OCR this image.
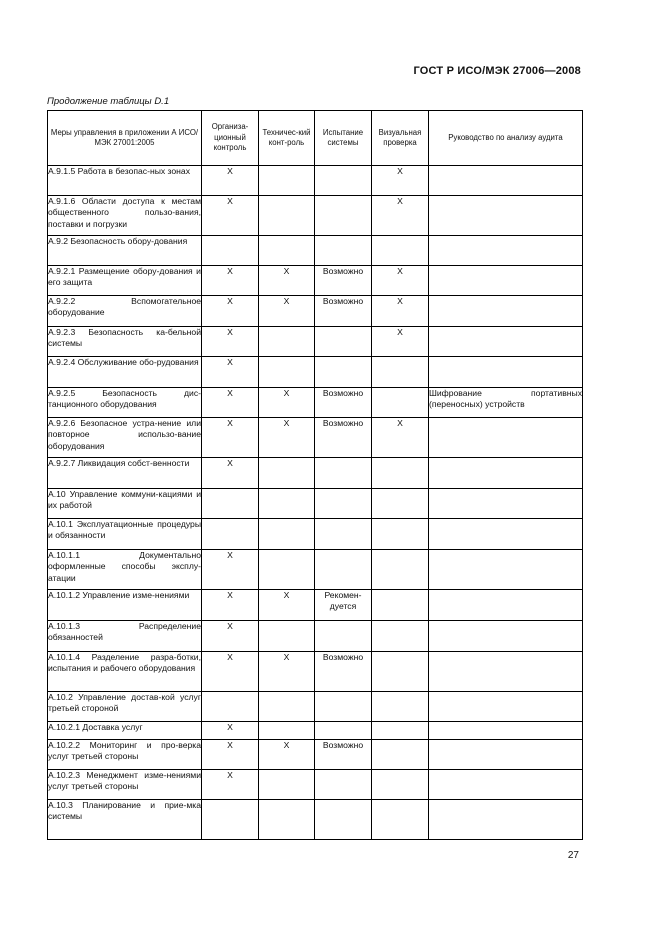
ГОСТ Р ИСО/МЭК 27006—2008
Продолжение таблицы D.1
Меры управления в приложении А ИСО/МЭК 27001:2005	Организа-ционный контроль	Техничес-кий конт-роль	Испытание системы	Визуальная проверка	Руководство по анализу аудита
А.9.1.5 Работа в безопас-ных зонах	X			X	
А.9.1.6 Области доступа к местам общественного пользо-вания, поставки и погрузки	X			X	
А.9.2 Безопасность обору-дования					
А.9.2.1 Размещение обору-дования и его защита	X	X	Возможно	X	
А.9.2.2 Вспомогательное оборудование	X	X	Возможно	X	
А.9.2.3 Безопасность ка-бельной системы	X			X	
А.9.2.4 Обслуживание обо-рудования	X				
А.9.2.5 Безопасность дис-танционного оборудования	X	X	Возможно		Шифрование портативных (переносных) устройств
А.9.2.6 Безопасное устра-нение или повторное использо-вание оборудования	X	X	Возможно	X	
А.9.2.7 Ликвидация собст-венности	X				
А.10 Управление коммуни-кациями и их работой					
А.10.1 Эксплуатационные процедуры и обязанности					
А.10.1.1 Документально оформленные способы эксплу-атации	X				
А.10.1.2 Управление изме-нениями	X	X	Рекомен-дуется		
А.10.1.3 Распределение обязанностей	X				
А.10.1.4 Разделение разра-ботки, испытания и рабочего оборудования	X	X	Возможно		
А.10.2 Управление достав-кой услуг третьей стороной					
А.10.2.1 Доставка услуг	X				
А.10.2.2 Мониторинг и про-верка услуг третьей стороны	X	X	Возможно		
А.10.2.3 Менеджмент изме-нениями услуг третьей стороны	X				
А.10.3 Планирование и прие-мка системы					
27
